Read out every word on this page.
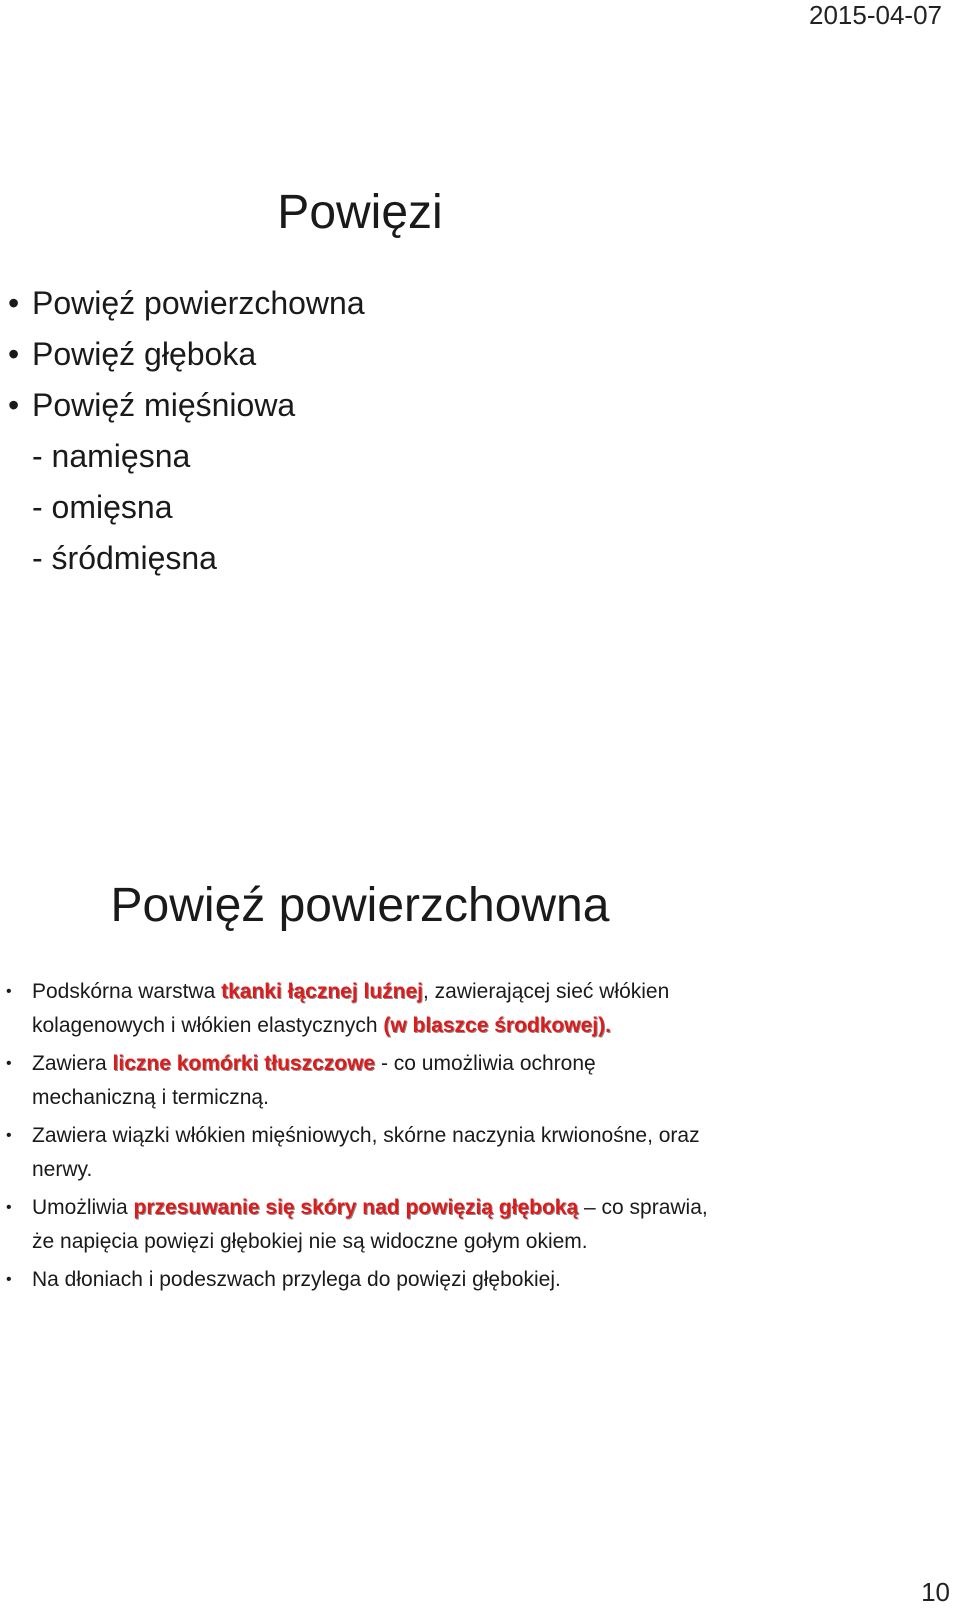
2015-04-07
Powięzi
• Powięź powierzchowna
• Powięź głęboka
• Powięź mięśniowa
- namięsna
- omięsna
- śródmięsna
Powięź powierzchowna
• Podskórna warstwa tkanki łącznej luźnej, zawierającej sieć włókien kolagenowych i włókien elastycznych (w blaszce środkowej).
• Zawiera liczne komórki tłuszczowe - co umożliwia ochronę mechaniczną i termiczną.
• Zawiera wiązki włókien mięśniowych, skórne naczynia krwionośne, oraz nerwy.
• Umożliwia przesuwanie się skóry nad powięzią głęboką – co sprawia, że napięcia powięzi głębokiej nie są widoczne gołym okiem.
• Na dłoniach i podeszwach przylega do powięzi głębokiej.
10
